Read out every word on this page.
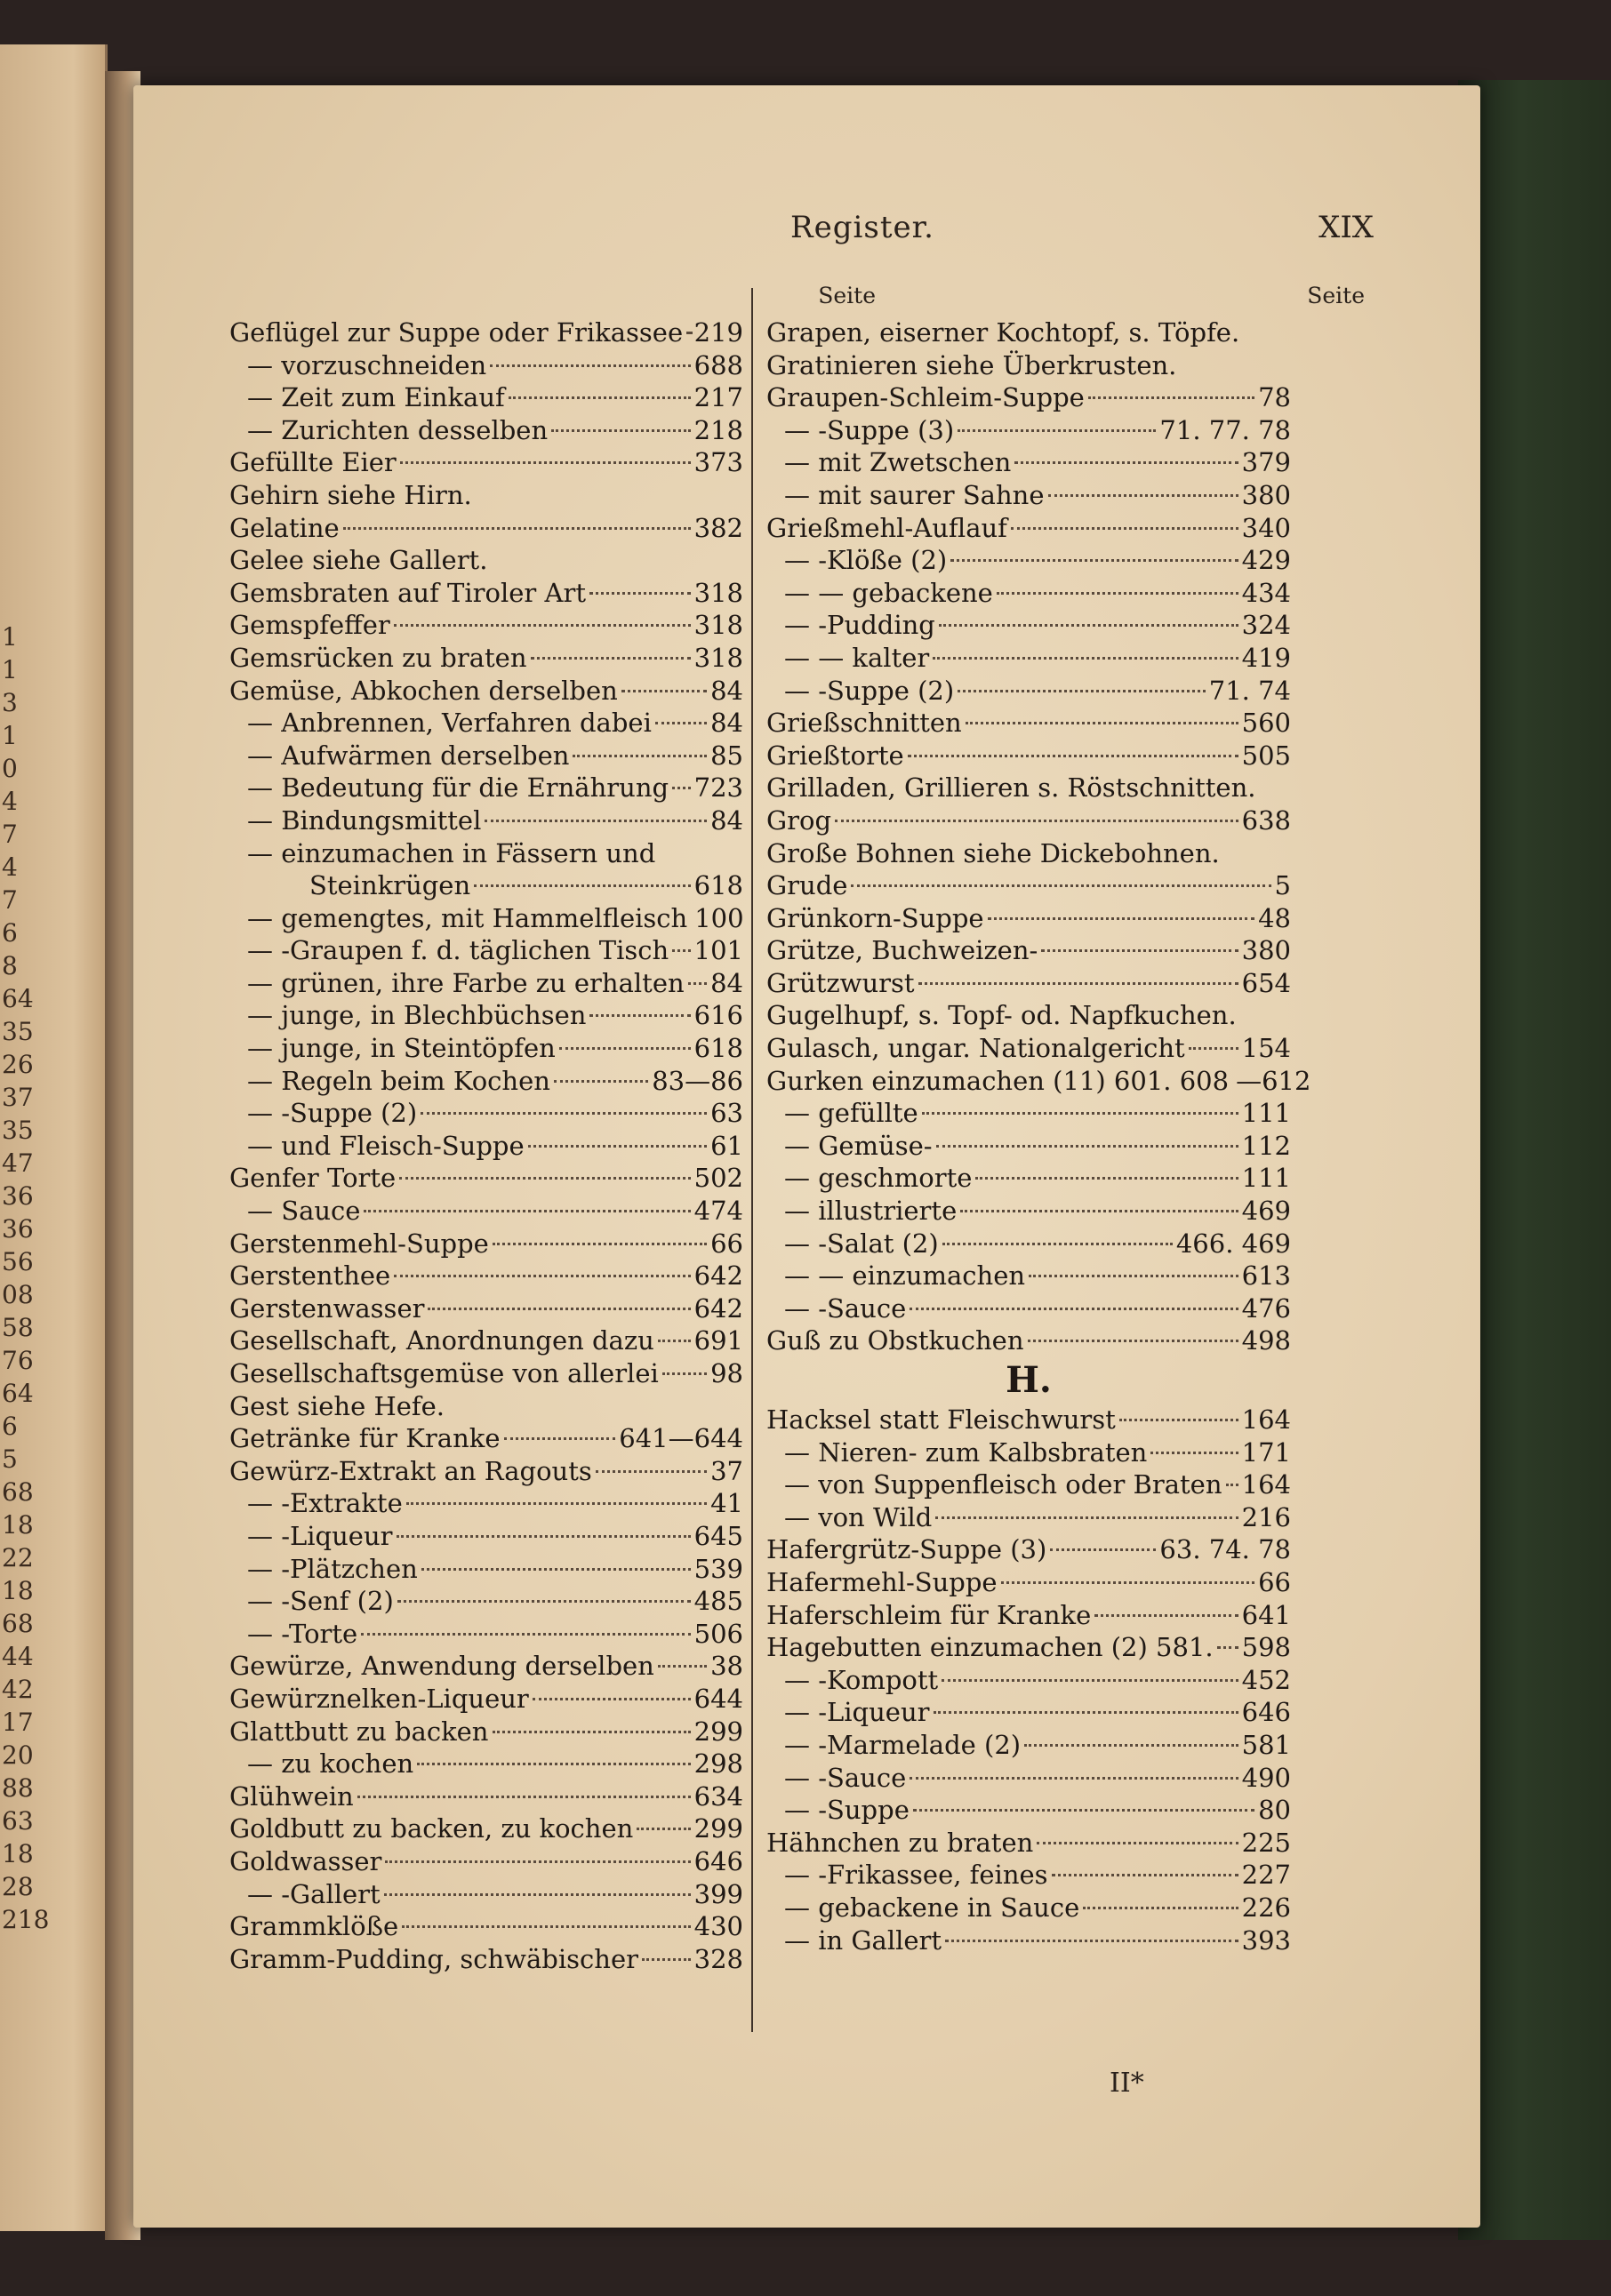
1
1
3
1
0
4
7
4
7
6
8
64
35
26
37
35
47
36
36
56
08
58
76
64
6
5
68
18
22
18
68
44
42
17
20
88
63
18
28
218
Register.	XIX
Seite	Seite
Geflügel zur Suppe oder Frikassee 219
— vorzuschneiden	688
— Zeit zum Einkauf	217
— Zurichten desselben	218
Gefüllte Eier	373
Gehirn siehe Hirn.
Gelatine	382
Gelee siehe Gallert.
Gemsbraten auf Tiroler Art	318
Gemspfeffer	318
Gemsrücken zu braten	318
Gemüse, Abkochen derselben	84
— Anbrennen, Verfahren dabei 84
— Aufwärmen derselben	85
— Bedeutung für die Ernährung 723
— Bindungsmittel	84
— einzumachen in Fässern und
Steinkrügen	618
— gemengtes, mit Hammelfleisch 100
— -Graupen f. d. täglichen Tisch 101
— grünen, ihre Farbe zu erhalten 84
— junge, in Blechbüchsen	616
— junge, in Steintöpfen	618
— Regeln beim Kochen	83—86
— -Suppe (2)	63
— und Fleisch-Suppe	61
Genfer Torte	502
— Sauce	474
Gerstenmehl-Suppe	66
Gerstenthee	642
Gerstenwasser	642
Gesellschaft, Anordnungen dazu 691
Gesellschaftsgemüse von allerlei 98
Gest siehe Hefe.
Getränke für Kranke	641—644
Gewürz-Extrakt an Ragouts	37
— -Extrakte	41
— -Liqueur	645
— -Plätzchen	539
— -Senf (2)	485
— -Torte	506
Gewürze, Anwendung derselben 38
Gewürznelken-Liqueur	644
Glattbutt zu backen	299
— zu kochen	298
Glühwein	634
Goldbutt zu backen, zu kochen 299
Goldwasser	646
— -Gallert	399
Grammklöße	430
Gramm-Pudding, schwäbischer 328
Grapen, eiserner Kochtopf, s. Töpfe.
Gratinieren siehe Überkrusten.
Graupen-Schleim-Suppe	78
— -Suppe (3)	71. 77. 78
— mit Zwetschen	379
— mit saurer Sahne	380
Grießmehl-Auflauf	340
— -Klöße (2)	429
— — gebackene	434
— -Pudding	324
— — kalter	419
— -Suppe (2)	71. 74
Grießschnitten	560
Grießtorte	505
Grilladen, Grillieren s. Röstschnitten.
Grog	638
Große Bohnen siehe Dickebohnen.
Grude	5
Grünkorn-Suppe	48
Grütze, Buchweizen-	380
Grützwurst	654
Gugelhupf, s. Topf- od. Napfkuchen.
Gulasch, ungar. Nationalgericht 154
Gurken einzumachen (11) 601. 608 —612
— gefüllte	111
— Gemüse-	112
— geschmorte	111
— illustrierte	469
— -Salat (2)	466. 469
— — einzumachen	613
— -Sauce	476
Guß zu Obstkuchen	498
H.
Hacksel statt Fleischwurst	164
— Nieren- zum Kalbsbraten	171
— von Suppenfleisch oder Braten 164
— von Wild	216
Hafergrütz-Suppe (3)	63. 74. 78
Hafermehl-Suppe	66
Haferschleim für Kranke	641
Hagebutten einzumachen (2) 581. 598
— -Kompott	452
— -Liqueur	646
— -Marmelade (2)	581
— -Sauce	490
— -Suppe	80
Hähnchen zu braten	225
— -Frikassee, feines	227
— gebackene in Sauce	226
— in Gallert	393
II*
